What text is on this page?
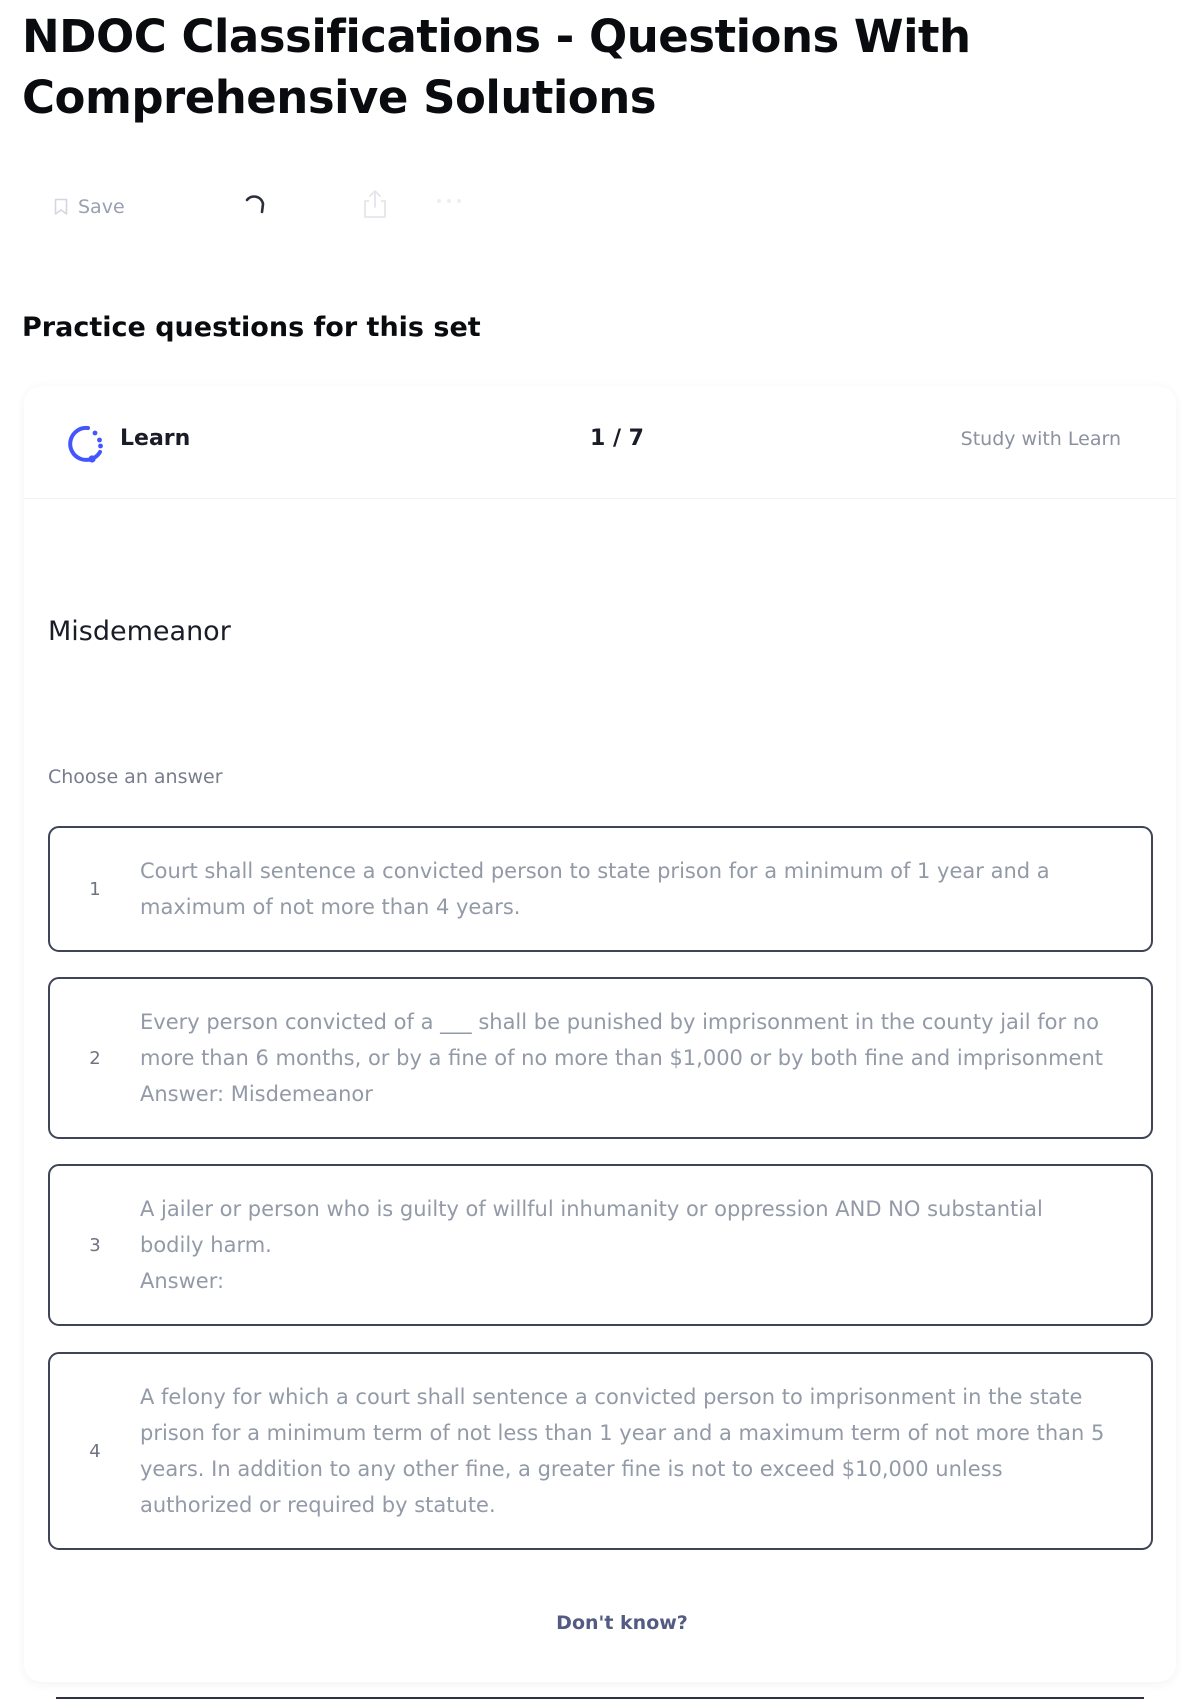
NDOC Classifications - Questions With Comprehensive Solutions
Save
Practice questions for this set
Learn	1 / 7	Study with Learn
Misdemeanor
Choose an answer
1
Court shall sentence a convicted person to state prison for a minimum of 1 year and a
maximum of not more than 4 years.
2
Every person convicted of a ___ shall be punished by imprisonment in the county jail for no
more than 6 months, or by a fine of no more than $1,000 or by both fine and imprisonment
Answer: Misdemeanor
3
A jailer or person who is guilty of willful inhumanity or oppression AND NO substantial
bodily harm.
Answer:
4
A felony for which a court shall sentence a convicted person to imprisonment in the state
prison for a minimum term of not less than 1 year and a maximum term of not more than 5
years. In addition to any other fine, a greater fine is not to exceed $10,000 unless
authorized or required by statute.
Don't know?
